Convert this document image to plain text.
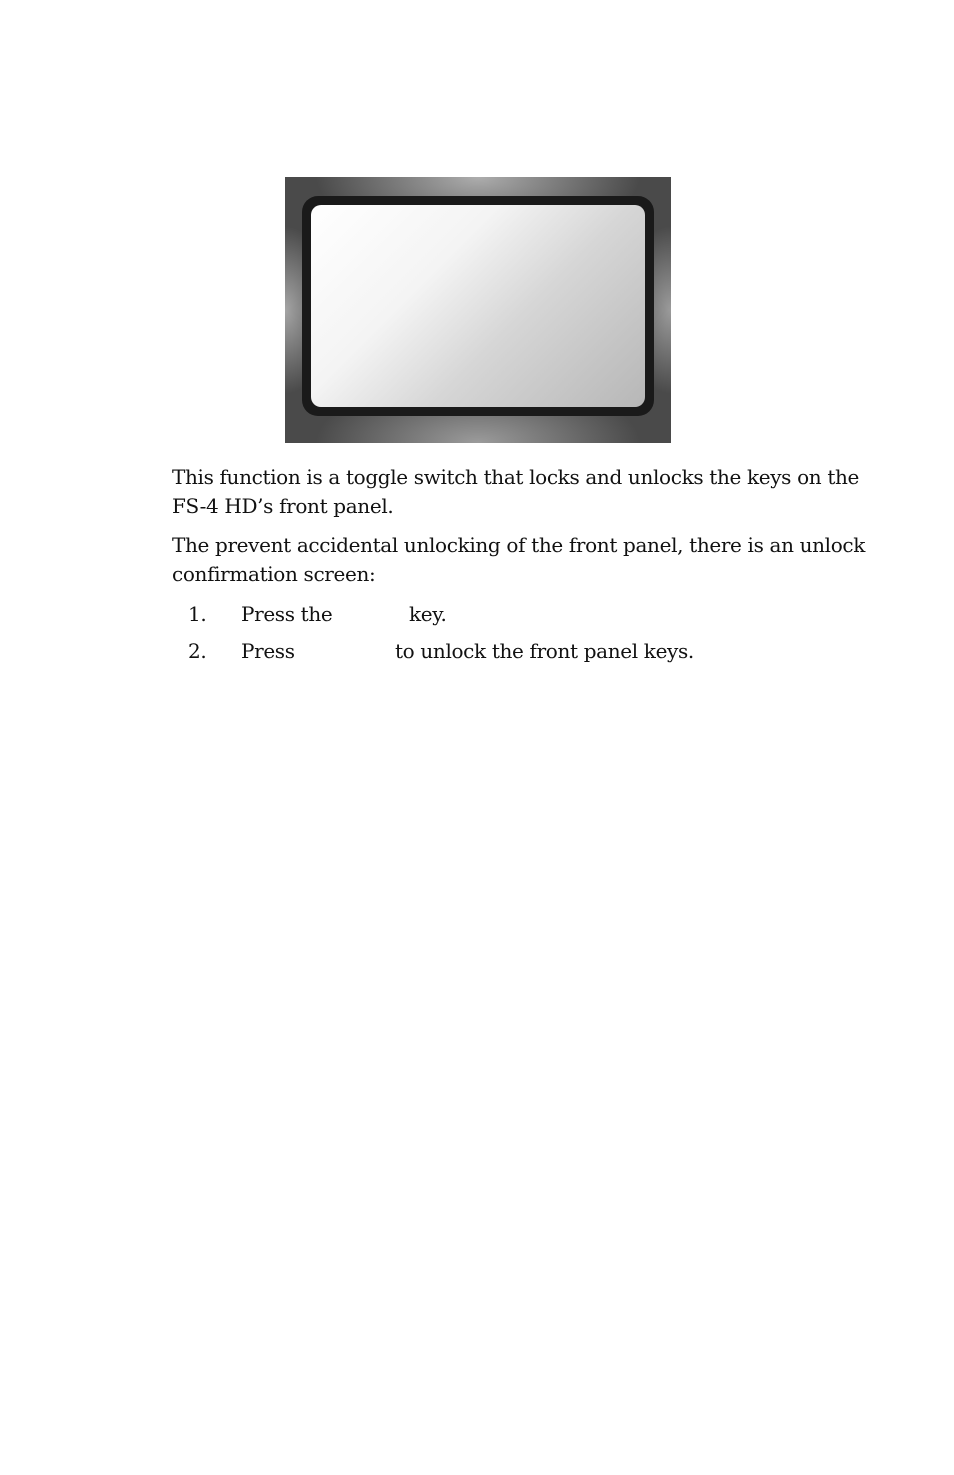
This function is a toggle switch that locks and unlocks the keys on the FS-4 HD’s front panel.

The prevent accidental unlocking of the front panel, there is an unlock confirmation screen:

1. Press the	key.
2. Press	to unlock the front panel keys.
